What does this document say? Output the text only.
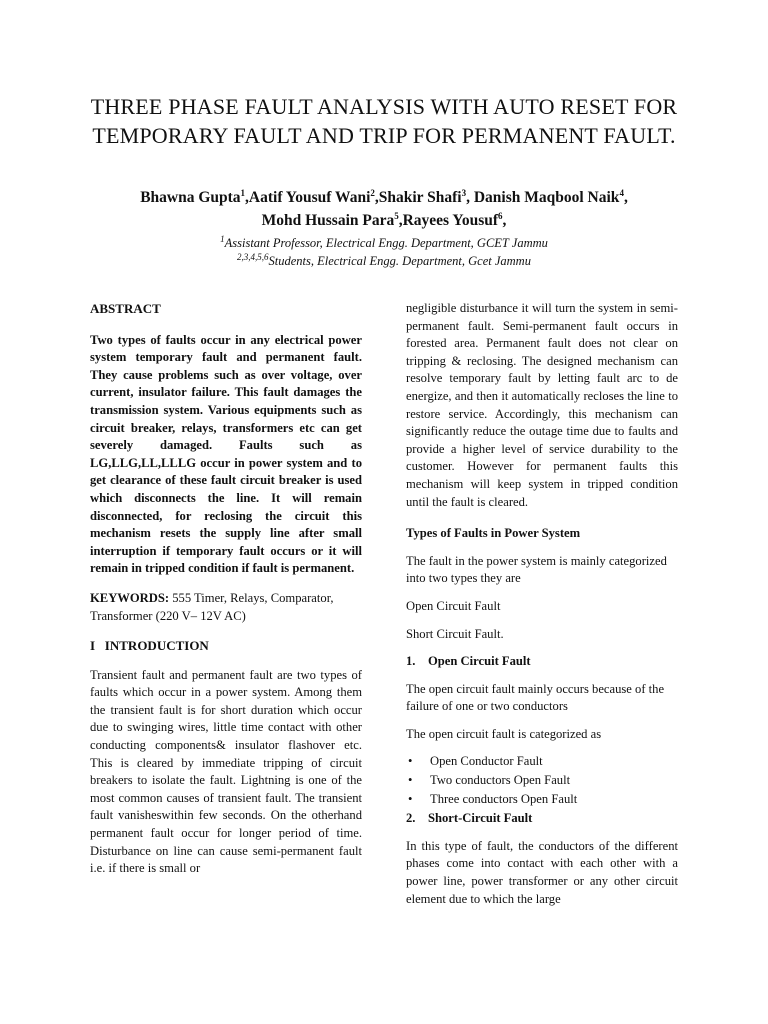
THREE PHASE FAULT ANALYSIS WITH AUTO RESET FOR TEMPORARY FAULT AND TRIP FOR PERMANENT FAULT.
Bhawna Gupta$^1$,Aatif Yousuf Wani$^2$,Shakir Shafi$^3$, Danish Maqbool Naik$^4$,
Mohd Hussain Para$^5$,Rayees Yousuf$^6$,
$^1$Assistant Professor, Electrical Engg. Department, GCET Jammu
$^{2,3,4,5,6}$Students, Electrical Engg. Department, Gcet Jammu

ABSTRACT

Two types of faults occur in any electrical power system temporary fault and permanent fault. They cause problems such as over voltage, over current, insulator failure. This fault damages the transmission system. Various equipments such as circuit breaker, relays, transformers etc can get severely damaged. Faults such as LG,LLG,LL,LLLG occur in power system and to get clearance of these fault circuit breaker is used which disconnects the line. It will remain disconnected, for reclosing the circuit this mechanism resets the supply line after small interruption if temporary fault occurs or it will remain in tripped condition if fault is permanent.

KEYWORDS: 555 Timer, Relays, Comparator, Transformer (220 V– 12V AC)

I   INTRODUCTION

Transient fault and permanent fault are two types of faults which occur in a power system. Among them the transient fault is for short duration which occur due to swinging wires, little time contact with other conducting components& insulator flashover etc. This is cleared by immediate tripping of circuit breakers to isolate the fault. Lightning is one of the most common causes of transient fault. The transient fault vanisheswithin few seconds. On the otherhand permanent fault occur for longer period of time. Disturbance on line can cause semi-permanent fault i.e. if there is small or

negligible disturbance it will turn the system in semi-permanent fault. Semi-permanent fault occurs in forested area. Permanent fault does not clear on tripping & reclosing. The designed mechanism can resolve temporary fault by letting fault arc to de energize, and then it automatically recloses the line to restore service. Accordingly, this mechanism can significantly reduce the outage time due to faults and provide a higher level of service durability to the customer. However for permanent faults this mechanism will keep system in tripped condition until the fault is cleared.

Types of Faults in Power System

The fault in the power system is mainly categorized into two types they are

Open Circuit Fault

Short Circuit Fault.

1. Open Circuit Fault

The open circuit fault mainly occurs because of the failure of one or two conductors

The open circuit fault is categorized as

•	Open Conductor Fault
•	Two conductors Open Fault
•	Three conductors Open Fault
2. Short-Circuit Fault

In this type of fault, the conductors of the different phases come into contact with each other with a power line, power transformer or any other circuit element due to which the large
